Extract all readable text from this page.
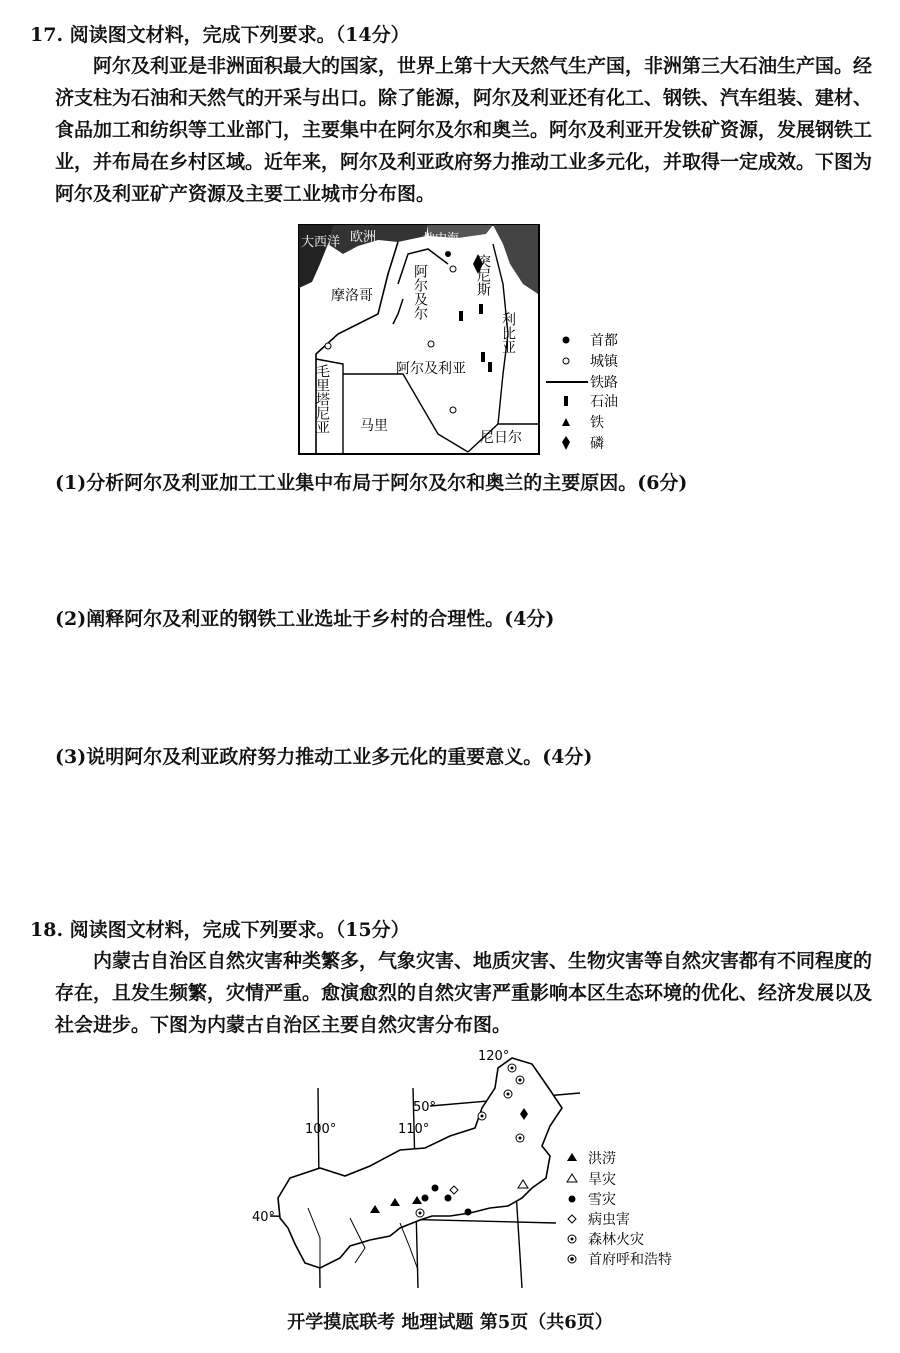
17. 阅读图文材料，完成下列要求。（14分）

阿尔及利亚是非洲面积最大的国家，世界上第十大天然气生产国，非洲第三大石油生产国。经济支柱为石油和天然气的开采与出口。除了能源，阿尔及利亚还有化工、钢铁、汽车组装、建材、食品加工和纺织等工业部门，主要集中在阿尔及尔和奥兰。阿尔及利亚开发铁矿资源，发展钢铁工业，并布局在乡村区域。近年来，阿尔及利亚政府努力推动工业多元化，并取得一定成效。下图为阿尔及利亚矿产资源及主要工业城市分布图。

大西洋 欧洲	地中海
突尼斯
摩洛哥	阿尔及尔
阿尔及利亚
利比亚
毛里塔尼亚 马里
尼日尔
首都
城镇
铁路
石油
铁
磷
(1)分析阿尔及利亚加工工业集中布局于阿尔及尔和奥兰的主要原因。(6分)
(2)阐释阿尔及利亚的钢铁工业选址于乡村的合理性。(4分)
(3)说明阿尔及利亚政府努力推动工业多元化的重要意义。(4分)
18. 阅读图文材料，完成下列要求。（15分）

内蒙古自治区自然灾害种类繁多，气象灾害、地质灾害、生物灾害等自然灾害都有不同程度的存在，且发生频繁，灾情严重。愈演愈烈的自然灾害严重影响本区生态环境的优化、经济发展以及社会进步。下图为内蒙古自治区主要自然灾害分布图。

120°
50°
100°	110°
40°
洪涝
旱灾
雪灾
病虫害
森林火灾
首府呼和浩特
开学摸底联考 地理试题 第5页（共6页）
